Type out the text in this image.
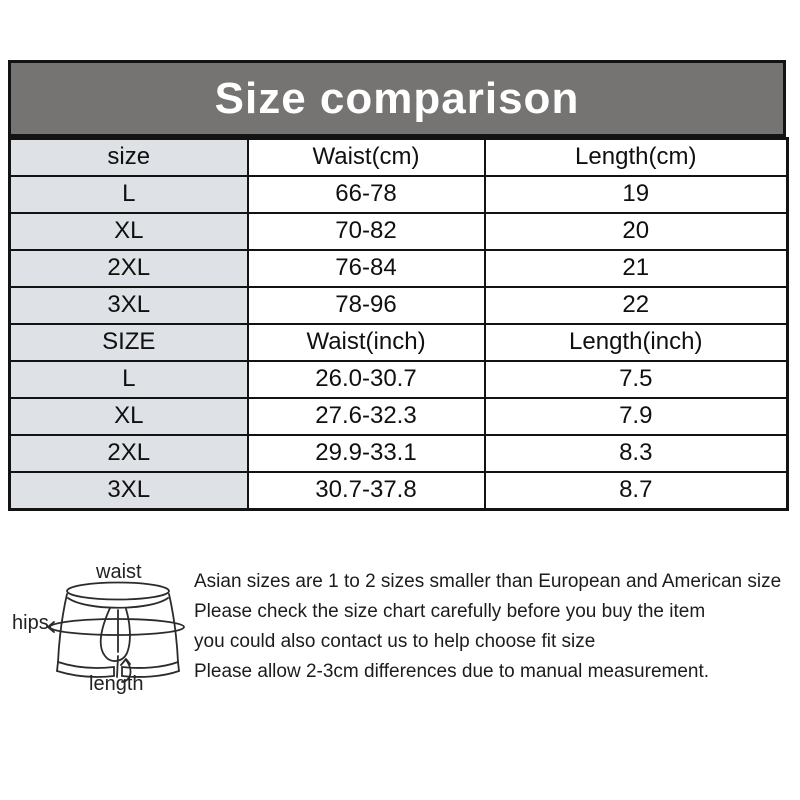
Size comparison
size	Waist(cm)	Length(cm)
L	66-78	19
XL	70-82	20
2XL	76-84	21
3XL	78-96	22
SIZE	Waist(inch)	Length(inch)
L	26.0-30.7	7.5
XL	27.6-32.3	7.9
2XL	29.9-33.1	8.3
3XL	30.7-37.8	8.7
waist
hips
length
Asian sizes are 1 to 2 sizes smaller than European and American size
Please check the size chart carefully before you buy the item
you could also contact us to help choose fit size
Please allow 2-3cm differences due to manual measurement.
